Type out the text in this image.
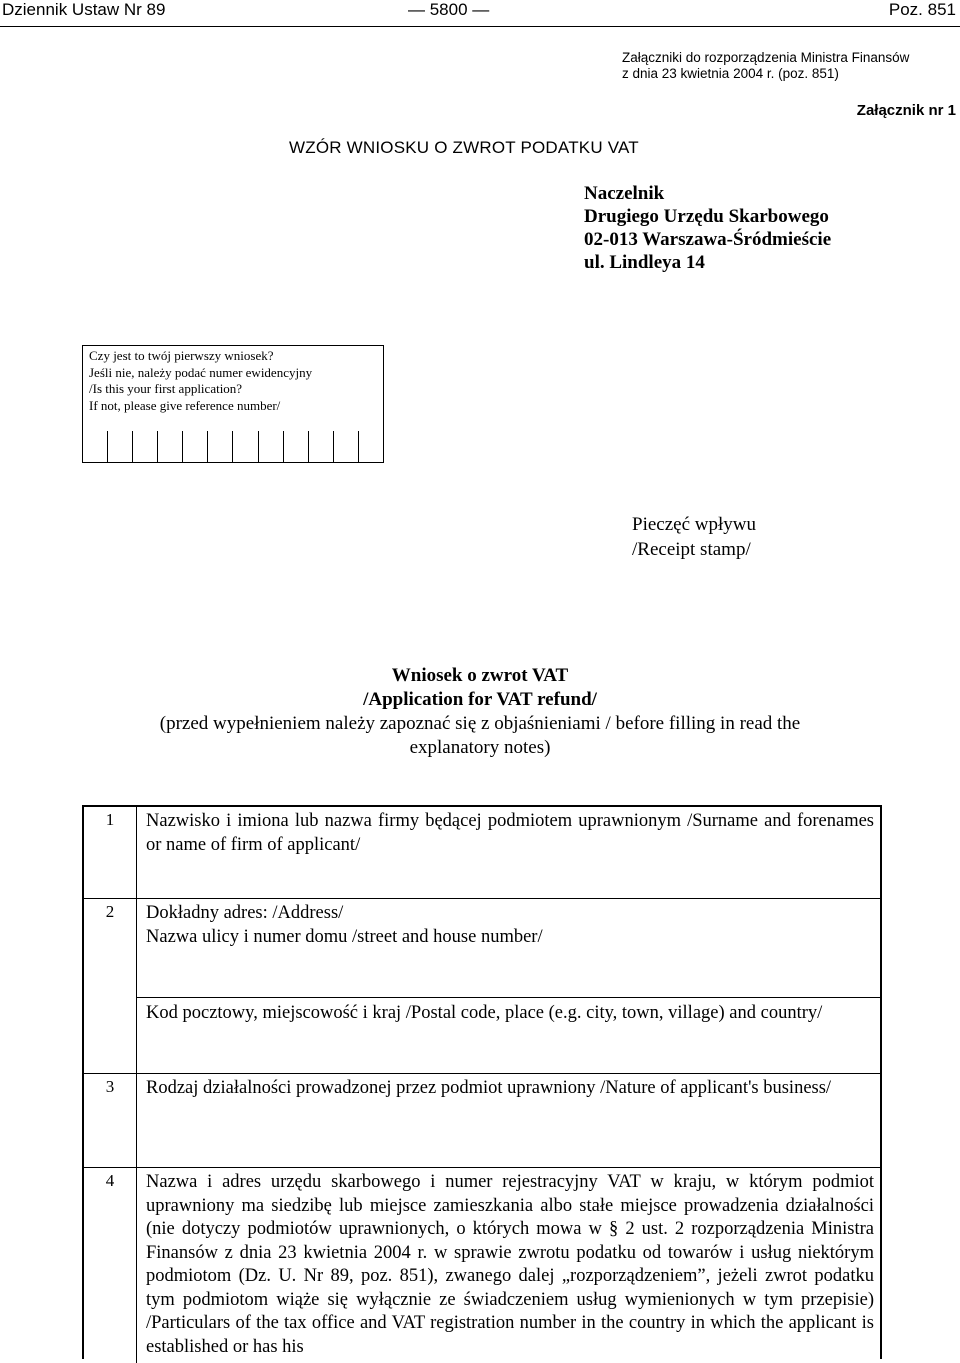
Dziennik Ustaw Nr 89	— 5800 —	Poz. 851
Załączniki do rozporządzenia Ministra Finansów
z dnia 23 kwietnia 2004 r. (poz. 851)
Załącznik nr 1
WZÓR WNIOSKU O ZWROT PODATKU VAT
Naczelnik
Drugiego Urzędu Skarbowego
02-013 Warszawa-Śródmieście
ul. Lindleya 14
Czy jest to twój pierwszy wniosek?
Jeśli nie, należy podać numer ewidencyjny
/Is this your first application?
If not, please give reference number/
Pieczęć wpływu
/Receipt stamp/
Wniosek o zwrot VAT
/Application for VAT refund/
(przed wypełnieniem należy zapoznać się z objaśnieniami / before filling in read the explanatory notes)
1	Nazwisko i imiona lub nazwa firmy będącej podmiotem uprawnionym /Surname and forenames or name of firm of applicant/
2	Dokładny adres: /Address/
Nazwa ulicy i numer domu /street and house number/
Kod pocztowy, miejscowość i kraj /Postal code, place (e.g. city, town, village) and country/
3	Rodzaj działalności prowadzonej przez podmiot uprawniony /Nature of applicant's business/
4	Nazwa i adres urzędu skarbowego i numer rejestracyjny VAT w kraju, w którym podmiot uprawniony ma siedzibę lub miejsce zamieszkania albo stałe miejsce prowadzenia działalności (nie dotyczy podmiotów uprawnionych, o których mowa w § 2 ust. 2 rozporządzenia Ministra Finansów z dnia 23 kwietnia 2004 r. w sprawie zwrotu podatku od towarów i usług niektórym podmiotom (Dz. U. Nr 89, poz. 851), zwanego dalej „rozporządzeniem”, jeżeli zwrot podatku tym podmiotom wiąże się wyłącznie ze świadczeniem usług wymienionych w tym przepisie) /Particulars of the tax office and VAT registration number in the country in which the applicant is established or has his
